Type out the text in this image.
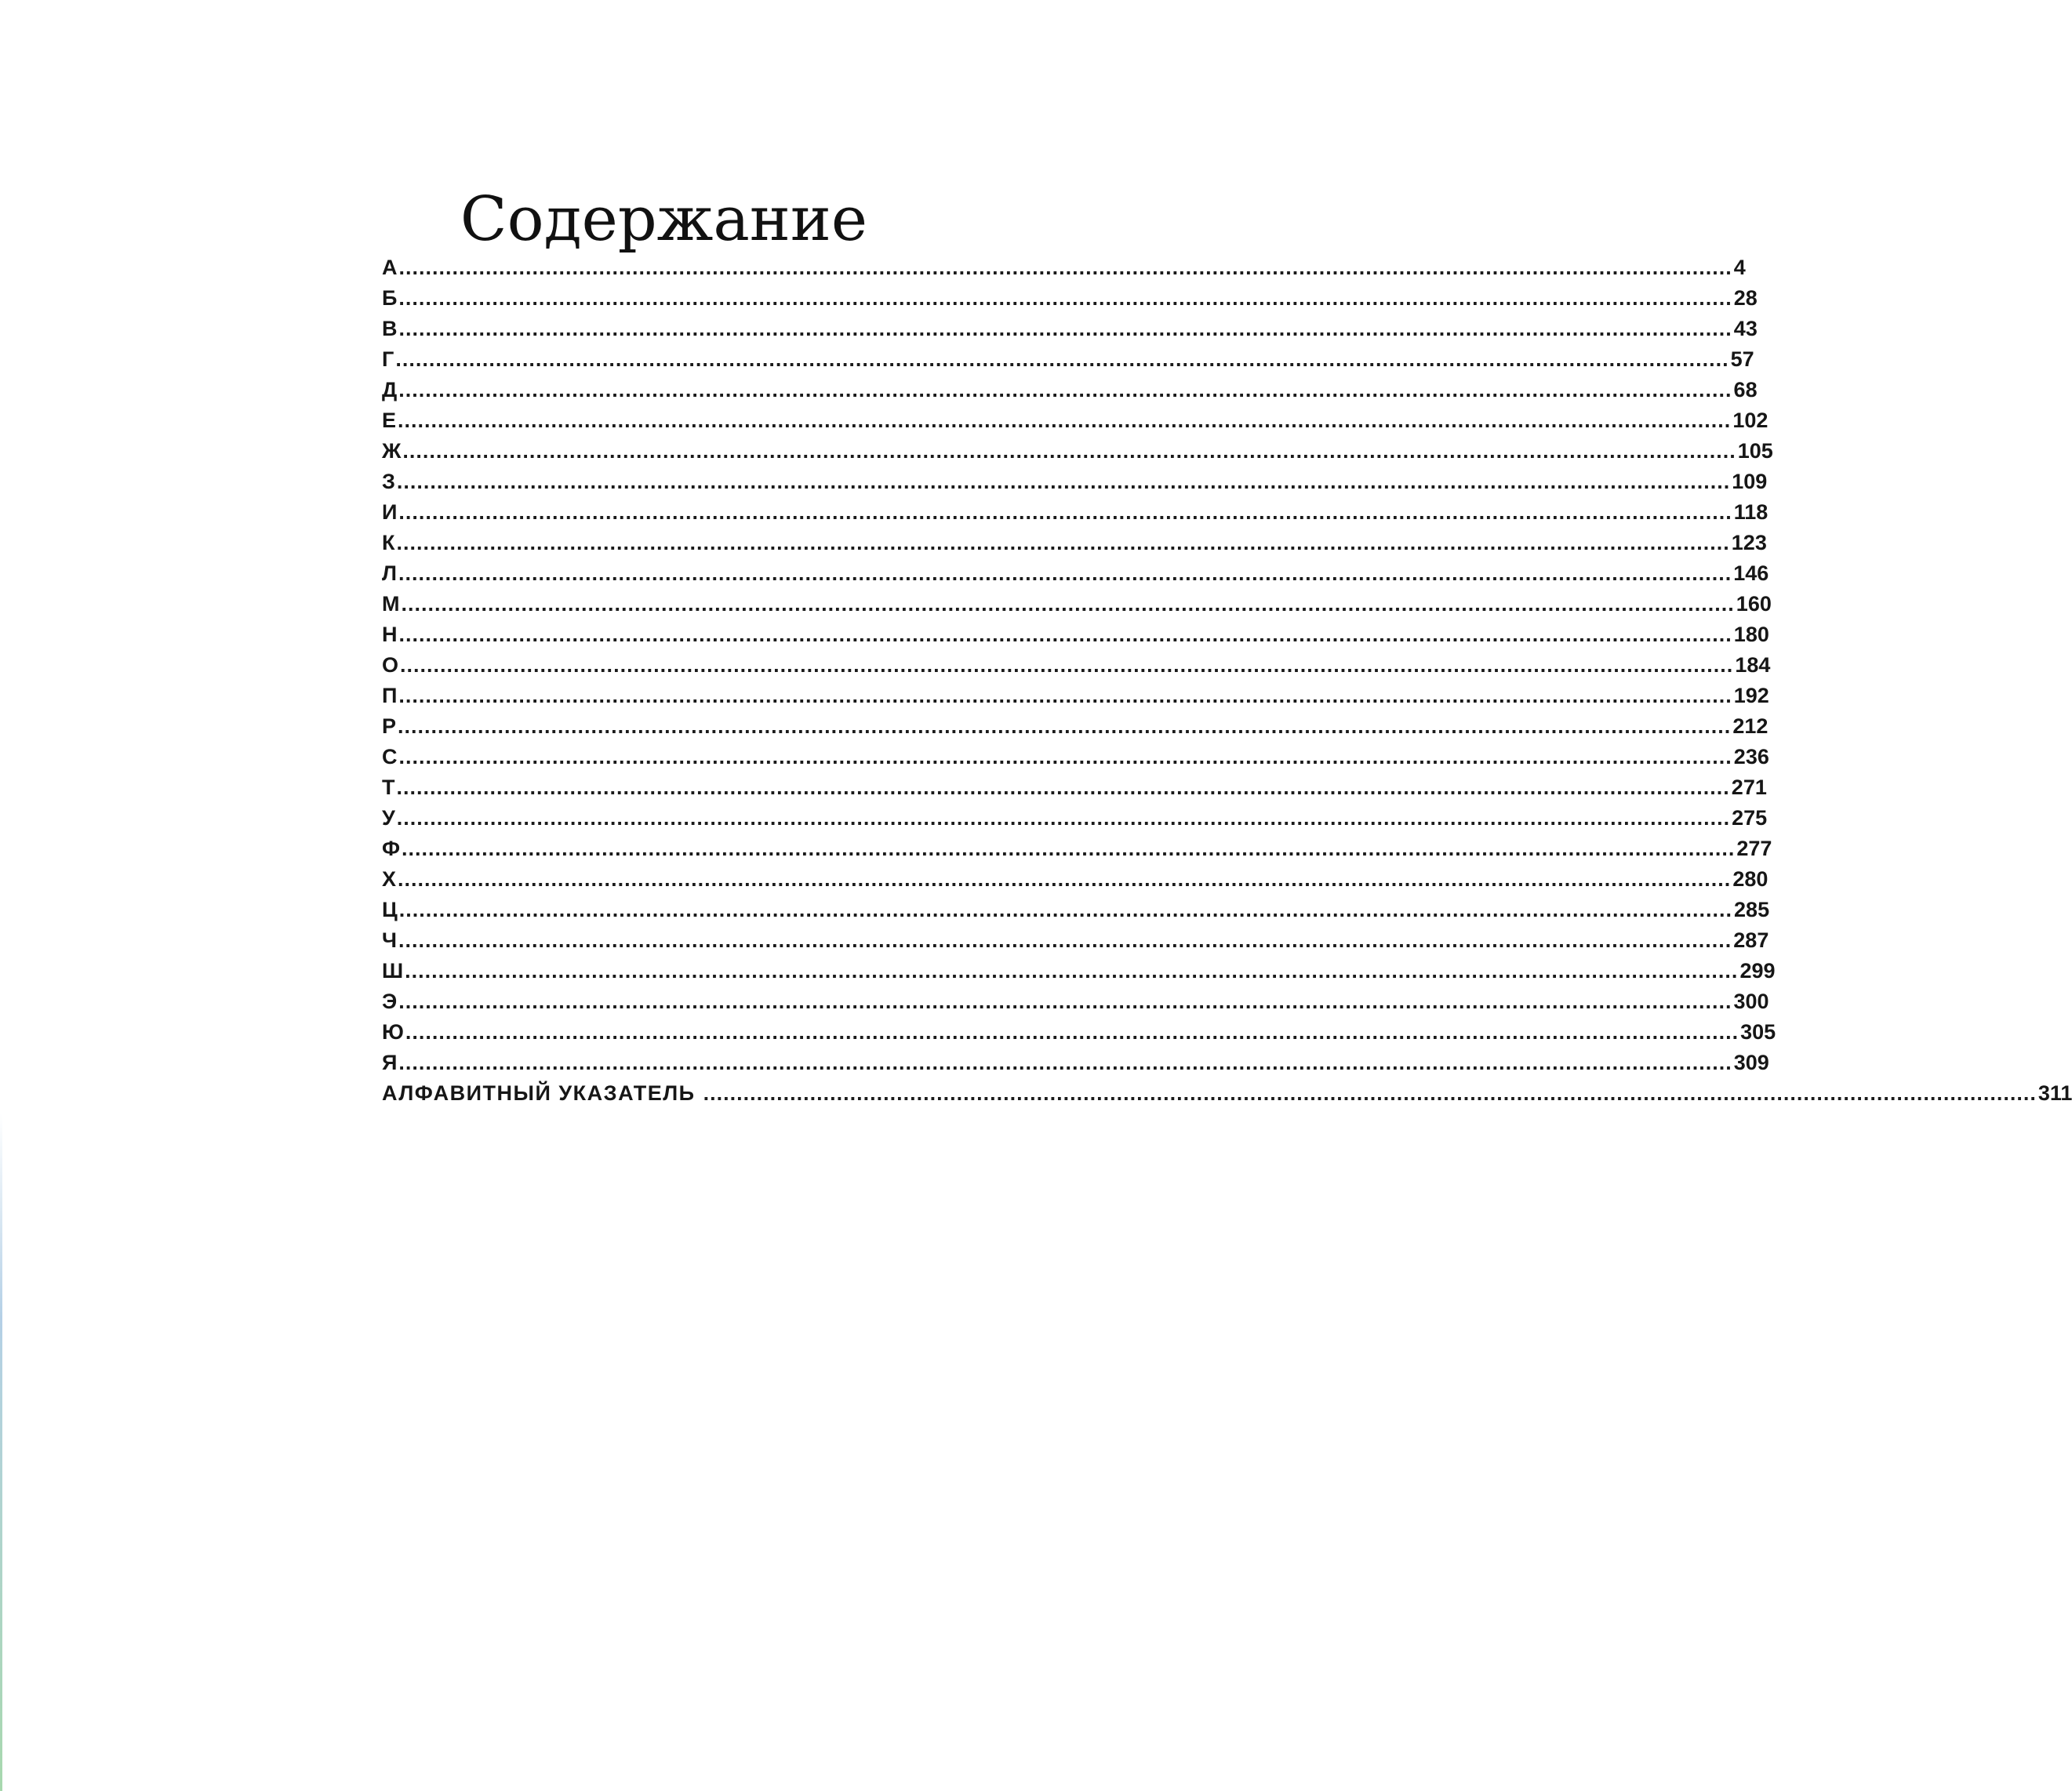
Содержание
А ........................................................................................................................................................................................................ 4
Б ........................................................................................................................................................................................................ 28
В ........................................................................................................................................................................................................ 43
Г ........................................................................................................................................................................................................ 57
Д ........................................................................................................................................................................................................ 68
Е ........................................................................................................................................................................................................ 102
Ж ........................................................................................................................................................................................................ 105
З ........................................................................................................................................................................................................ 109
И ........................................................................................................................................................................................................ 118
К ........................................................................................................................................................................................................ 123
Л ........................................................................................................................................................................................................ 146
М ........................................................................................................................................................................................................ 160
Н ........................................................................................................................................................................................................ 180
О ........................................................................................................................................................................................................ 184
П ........................................................................................................................................................................................................ 192
Р ........................................................................................................................................................................................................ 212
С ........................................................................................................................................................................................................ 236
Т ........................................................................................................................................................................................................ 271
У ........................................................................................................................................................................................................ 275
Ф ........................................................................................................................................................................................................ 277
Х ........................................................................................................................................................................................................ 280
Ц ........................................................................................................................................................................................................ 285
Ч ........................................................................................................................................................................................................ 287
Ш ........................................................................................................................................................................................................ 299
Э ........................................................................................................................................................................................................ 300
Ю ........................................................................................................................................................................................................ 305
Я ........................................................................................................................................................................................................ 309
АЛФАВИТНЫЙ УКАЗАТЕЛЬ ........................................................................................................................................................................................................ 311
